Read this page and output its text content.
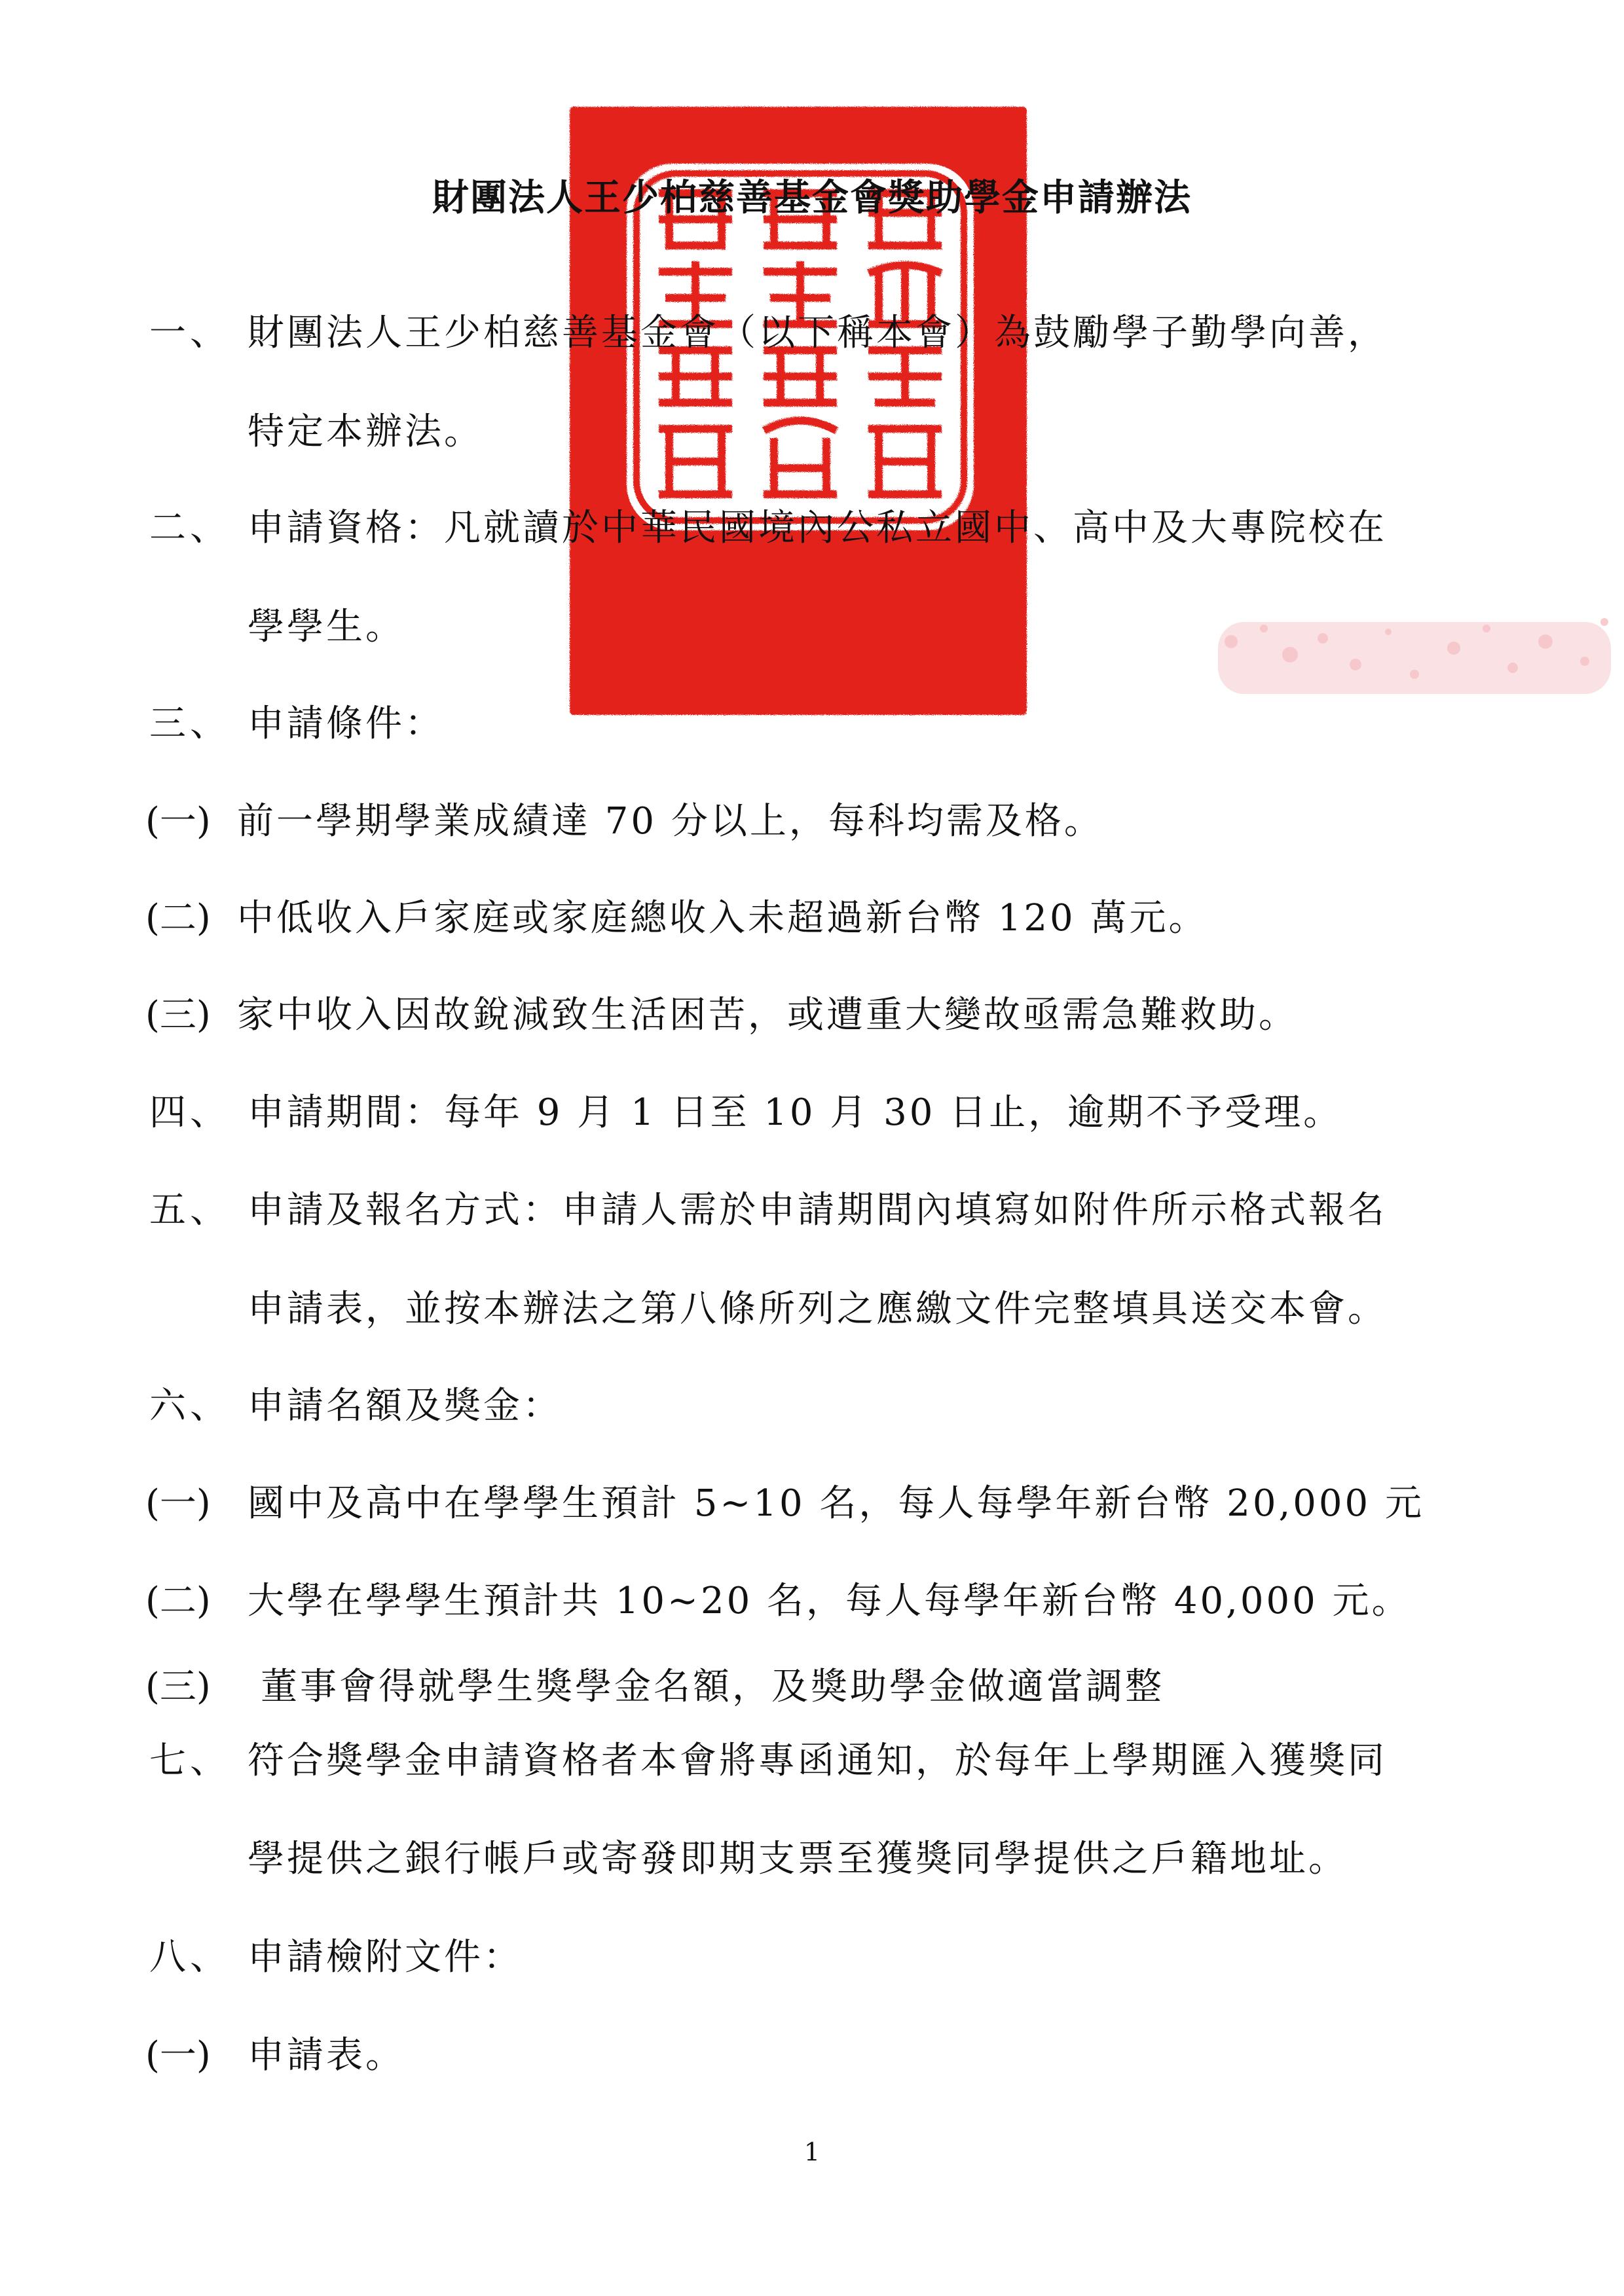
財團法人王少柏慈善基金會獎助學金申請辦法
一、 財團法人王少柏慈善基金會（以下稱本會）為鼓勵學子勤學向善，
特定本辦法。
二、 申請資格：凡就讀於中華民國境內公私立國中、高中及大專院校在
學學生。
三、 申請條件：
(一) 前一學期學業成績達 70 分以上，每科均需及格。
(二) 中低收入戶家庭或家庭總收入未超過新台幣 120 萬元。
(三) 家中收入因故銳減致生活困苦，或遭重大變故亟需急難救助。
四、 申請期間：每年 9 月 1 日至 10 月 30 日止，逾期不予受理。
五、 申請及報名方式：申請人需於申請期間內填寫如附件所示格式報名
申請表，並按本辦法之第八條所列之應繳文件完整填具送交本會。
六、 申請名額及獎金：
(一) 國中及高中在學學生預計 5~10 名，每人每學年新台幣 20,000 元
(二) 大學在學學生預計共 10~20 名，每人每學年新台幣 40,000 元。
(三) 董事會得就學生獎學金名額，及獎助學金做適當調整
七、 符合獎學金申請資格者本會將專函通知，於每年上學期匯入獲獎同
學提供之銀行帳戶或寄發即期支票至獲獎同學提供之戶籍地址。
八、 申請檢附文件：
(一) 申請表。
1
